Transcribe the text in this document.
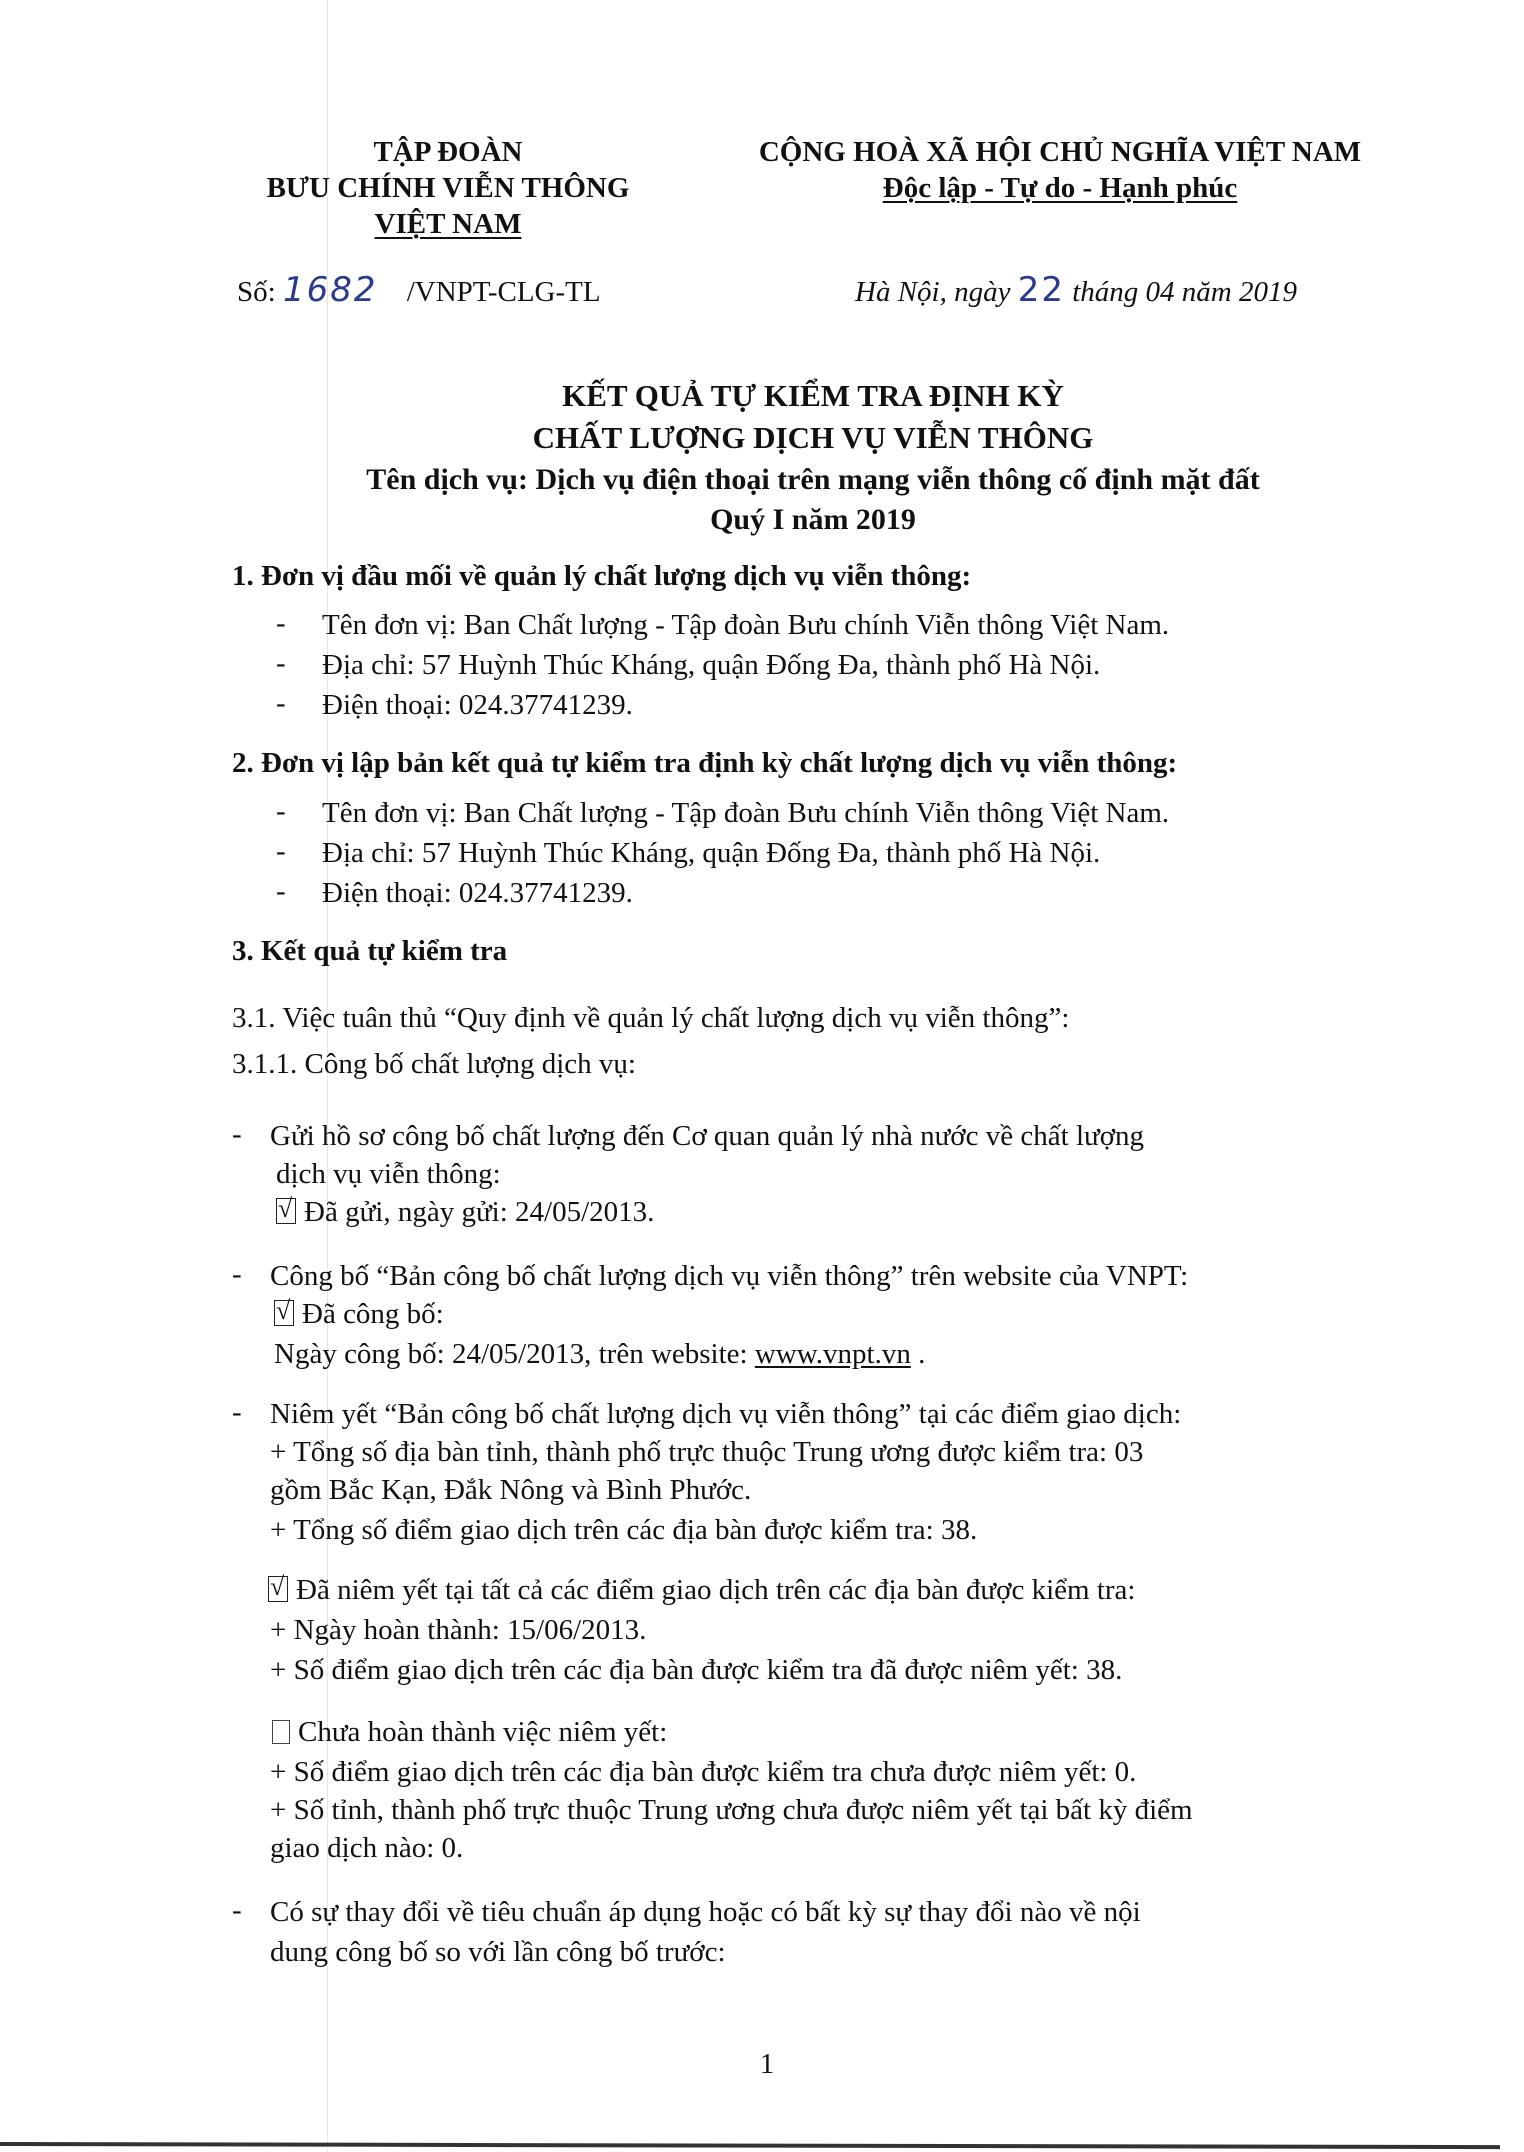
TẬP ĐOÀN
BƯU CHÍNH VIỄN THÔNG
VIỆT NAM
CỘNG HOÀ XÃ HỘI CHỦ NGHĨA VIỆT NAM
Độc lập - Tự do - Hạnh phúc
Số: 1682 /VNPT-CLG-TL	Hà Nội, ngày 22 tháng 04 năm 2019
KẾT QUẢ TỰ KIỂM TRA ĐỊNH KỲ
CHẤT LƯỢNG DỊCH VỤ VIỄN THÔNG
Tên dịch vụ: Dịch vụ điện thoại trên mạng viễn thông cố định mặt đất
Quý I năm 2019
1. Đơn vị đầu mối về quản lý chất lượng dịch vụ viễn thông:
- Tên đơn vị: Ban Chất lượng - Tập đoàn Bưu chính Viễn thông Việt Nam.
- Địa chỉ: 57 Huỳnh Thúc Kháng, quận Đống Đa, thành phố Hà Nội.
- Điện thoại: 024.37741239.
2. Đơn vị lập bản kết quả tự kiểm tra định kỳ chất lượng dịch vụ viễn thông:
- Tên đơn vị: Ban Chất lượng - Tập đoàn Bưu chính Viễn thông Việt Nam.
- Địa chỉ: 57 Huỳnh Thúc Kháng, quận Đống Đa, thành phố Hà Nội.
- Điện thoại: 024.37741239.
3. Kết quả tự kiểm tra
3.1. Việc tuân thủ “Quy định về quản lý chất lượng dịch vụ viễn thông”:
3.1.1. Công bố chất lượng dịch vụ:
- Gửi hồ sơ công bố chất lượng đến Cơ quan quản lý nhà nước về chất lượng
dịch vụ viễn thông:
√Đã gửi, ngày gửi: 24/05/2013.
- Công bố “Bản công bố chất lượng dịch vụ viễn thông” trên website của VNPT:
√Đã công bố:
Ngày công bố: 24/05/2013, trên website: www.vnpt.vn .
- Niêm yết “Bản công bố chất lượng dịch vụ viễn thông” tại các điểm giao dịch:
+ Tổng số địa bàn tỉnh, thành phố trực thuộc Trung ương được kiểm tra: 03
gồm Bắc Kạn, Đắk Nông và Bình Phước.
+ Tổng số điểm giao dịch trên các địa bàn được kiểm tra: 38.
√Đã niêm yết tại tất cả các điểm giao dịch trên các địa bàn được kiểm tra:
+ Ngày hoàn thành: 15/06/2013.
+ Số điểm giao dịch trên các địa bàn được kiểm tra đã được niêm yết: 38.
Chưa hoàn thành việc niêm yết:
+ Số điểm giao dịch trên các địa bàn được kiểm tra chưa được niêm yết: 0.
+ Số tỉnh, thành phố trực thuộc Trung ương chưa được niêm yết tại bất kỳ điểm
giao dịch nào: 0.
- Có sự thay đổi về tiêu chuẩn áp dụng hoặc có bất kỳ sự thay đổi nào về nội
dung công bố so với lần công bố trước:
1
